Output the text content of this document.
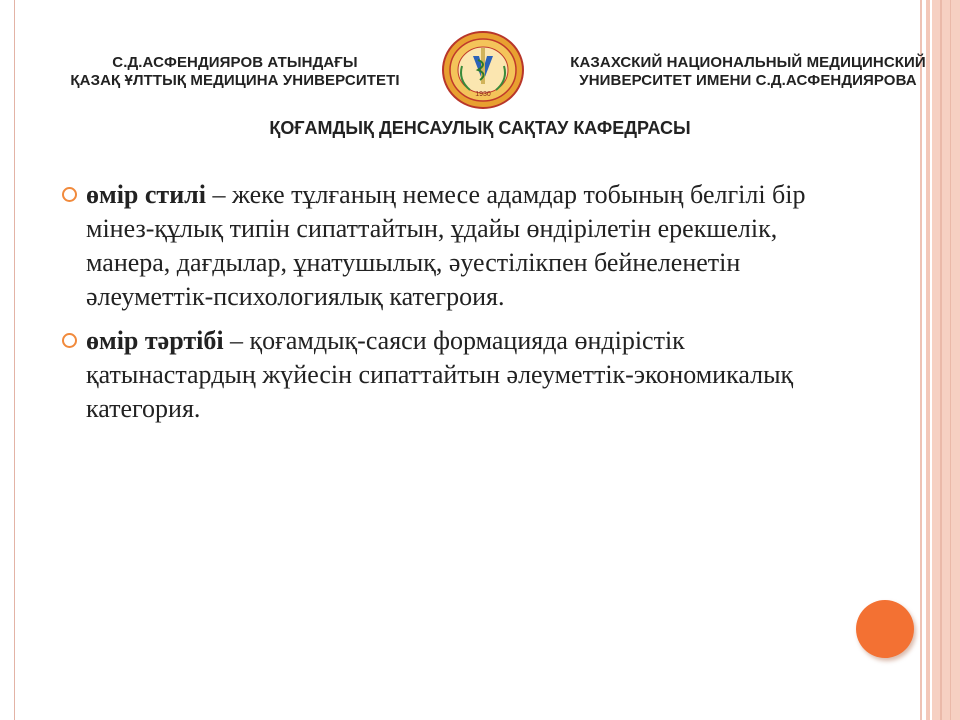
С.Д.АСФЕНДИЯРОВ АТЫНДАҒЫ
ҚАЗАҚ ҰЛТТЫҚ МЕДИЦИНА УНИВЕРСИТЕТІ
1930
КАЗАХСКИЙ НАЦИОНАЛЬНЫЙ МЕДИЦИНСКИЙ
УНИВЕРСИТЕТ ИМЕНИ С.Д.АСФЕНДИЯРОВА
ҚОҒАМДЫҚ ДЕНСАУЛЫҚ САҚТАУ КАФЕДРАСЫ
өмір стилі – жеке тұлғаның немесе адамдар тобының белгілі бір мінез-құлық типін сипаттайтын, ұдайы өндірілетін ерекшелік, манера, дағдылар, ұнатушылық, әуестілікпен бейнеленетін әлеуметтік-психологиялық категроия.
өмір тәртібі – қоғамдық-саяси формацияда өндірістік қатынастардың жүйесін сипаттайтын әлеуметтік-экономикалық категория.
